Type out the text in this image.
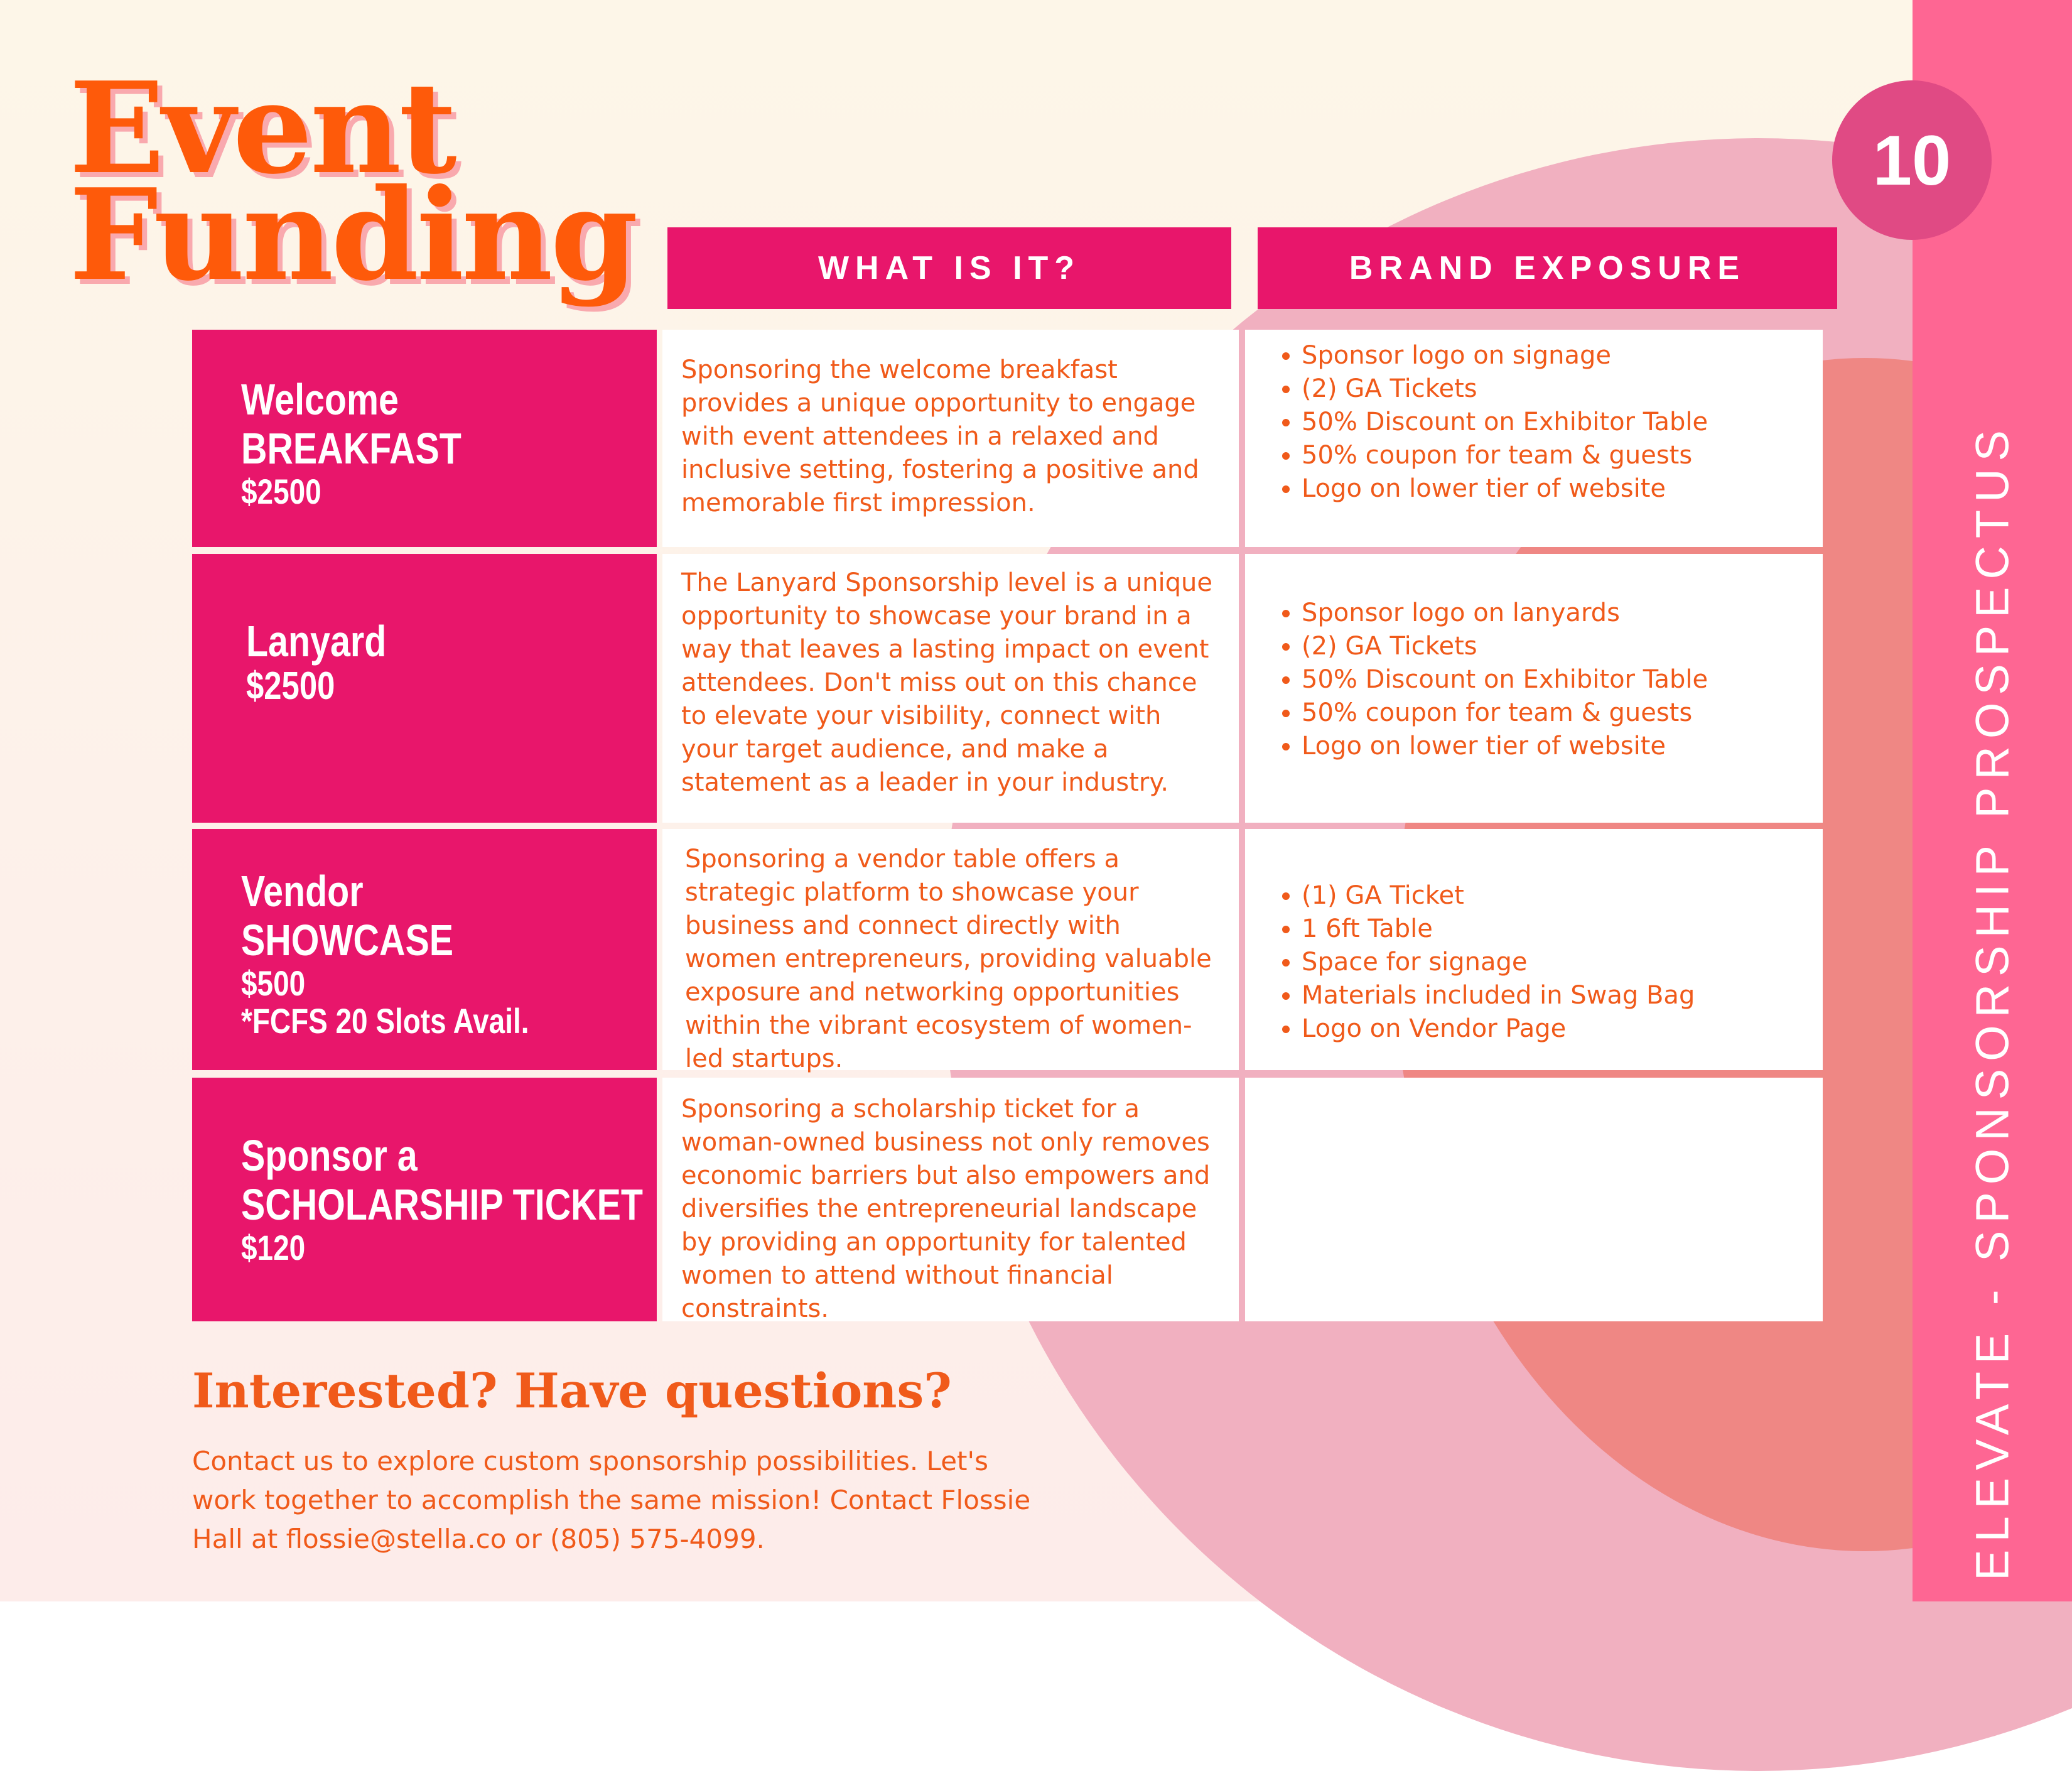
ELEVATE - SPONSORSHIP PROSPECTUS
10
Event
Funding	WHAT IS IT?	BRAND EXPOSURE
Welcome
BREAKFAST
$2500
Sponsoring the welcome breakfast provides a unique opportunity to engage with event attendees in a relaxed and inclusive setting, fostering a positive and memorable first impression.
• Sponsor logo on signage
• (2) GA Tickets
• 50% Discount on Exhibitor Table
• 50% coupon for team & guests
• Logo on lower tier of website
Lanyard
$2500
The Lanyard Sponsorship level is a unique opportunity to showcase your brand in a way that leaves a lasting impact on event attendees. Don't miss out on this chance to elevate your visibility, connect with your target audience, and make a statement as a leader in your industry.
• Sponsor logo on lanyards
• (2) GA Tickets
• 50% Discount on Exhibitor Table
• 50% coupon for team & guests
• Logo on lower tier of website
Vendor
SHOWCASE
$500
*FCFS 20 Slots Avail.
Sponsoring a vendor table offers a strategic platform to showcase your business and connect directly with women entrepreneurs, providing valuable exposure and networking opportunities within the vibrant ecosystem of women-led startups.
• (1) GA Ticket
• 1 6ft Table
• Space for signage
• Materials included in Swag Bag
• Logo on Vendor Page
Sponsor a
SCHOLARSHIP TICKET
$120
Sponsoring a scholarship ticket for a woman-owned business not only removes economic barriers but also empowers and diversifies the entrepreneurial landscape by providing an opportunity for talented women to attend without financial constraints.
Interested? Have questions?

Contact us to explore custom sponsorship possibilities. Let's work together to accomplish the same mission! Contact Flossie Hall at flossie@stella.co or (805) 575-4099.
